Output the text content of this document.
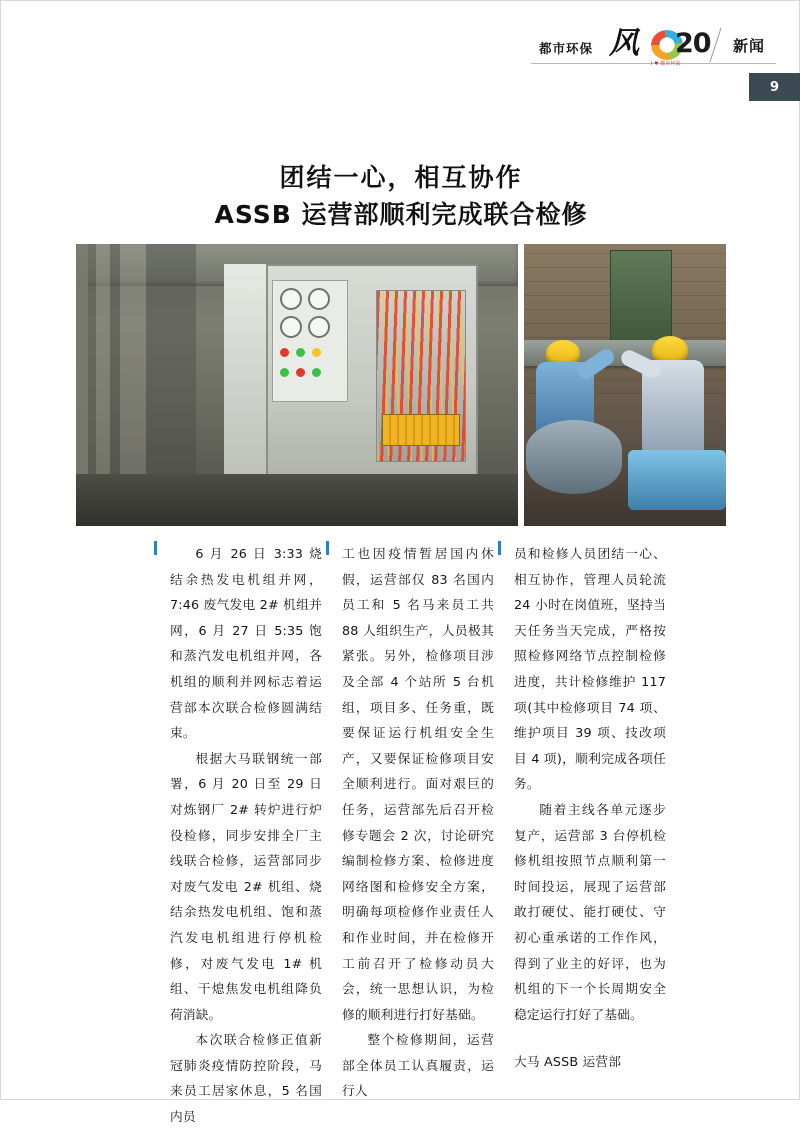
都市环保 风 20
I ♥ 都市环保
新闻
9
团结一心，相互协作
ASSB 运营部顺利完成联合检修

6 月 26 日 3:33 烧结余热发电机组并网，7:46 废气发电 2# 机组并网，6 月 27 日 5:35 饱和蒸汽发电机组并网，各机组的顺利并网标志着运营部本次联合检修圆满结束。

根据大马联钢统一部署，6 月 20 日至 29 日对炼钢厂 2# 转炉进行炉役检修，同步安排全厂主线联合检修，运营部同步对废气发电 2# 机组、烧结余热发电机组、饱和蒸汽发电机组进行停机检修，对废气发电 1# 机组、干熄焦发电机组降负荷消缺。

本次联合检修正值新冠肺炎疫情防控阶段，马来员工居家休息，5 名国内员

工也因疫情暂居国内休假，运营部仅 83 名国内员工和 5 名马来员工共 88 人组织生产，人员极其紧张。另外，检修项目涉及全部 4 个站所 5 台机组，项目多、任务重，既要保证运行机组安全生产，又要保证检修项目安全顺利进行。面对艰巨的任务，运营部先后召开检修专题会 2 次，讨论研究编制检修方案、检修进度网络图和检修安全方案，明确每项检修作业责任人和作业时间，并在检修开工前召开了检修动员大会，统一思想认识，为检修的顺利进行打好基础。

整个检修期间，运营部全体员工认真履责，运行人

员和检修人员团结一心、相互协作，管理人员轮流 24 小时在岗值班，坚持当天任务当天完成，严格按照检修网络节点控制检修进度，共计检修维护 117 项(其中检修项目 74 项、维护项目 39 项、技改项目 4 项)，顺利完成各项任务。

随着主线各单元逐步复产，运营部 3 台停机检修机组按照节点顺利第一时间投运，展现了运营部敢打硬仗、能打硬仗、守初心重承诺的工作作风，得到了业主的好评，也为机组的下一个长周期安全稳定运行打好了基础。

大马 ASSB 运营部
